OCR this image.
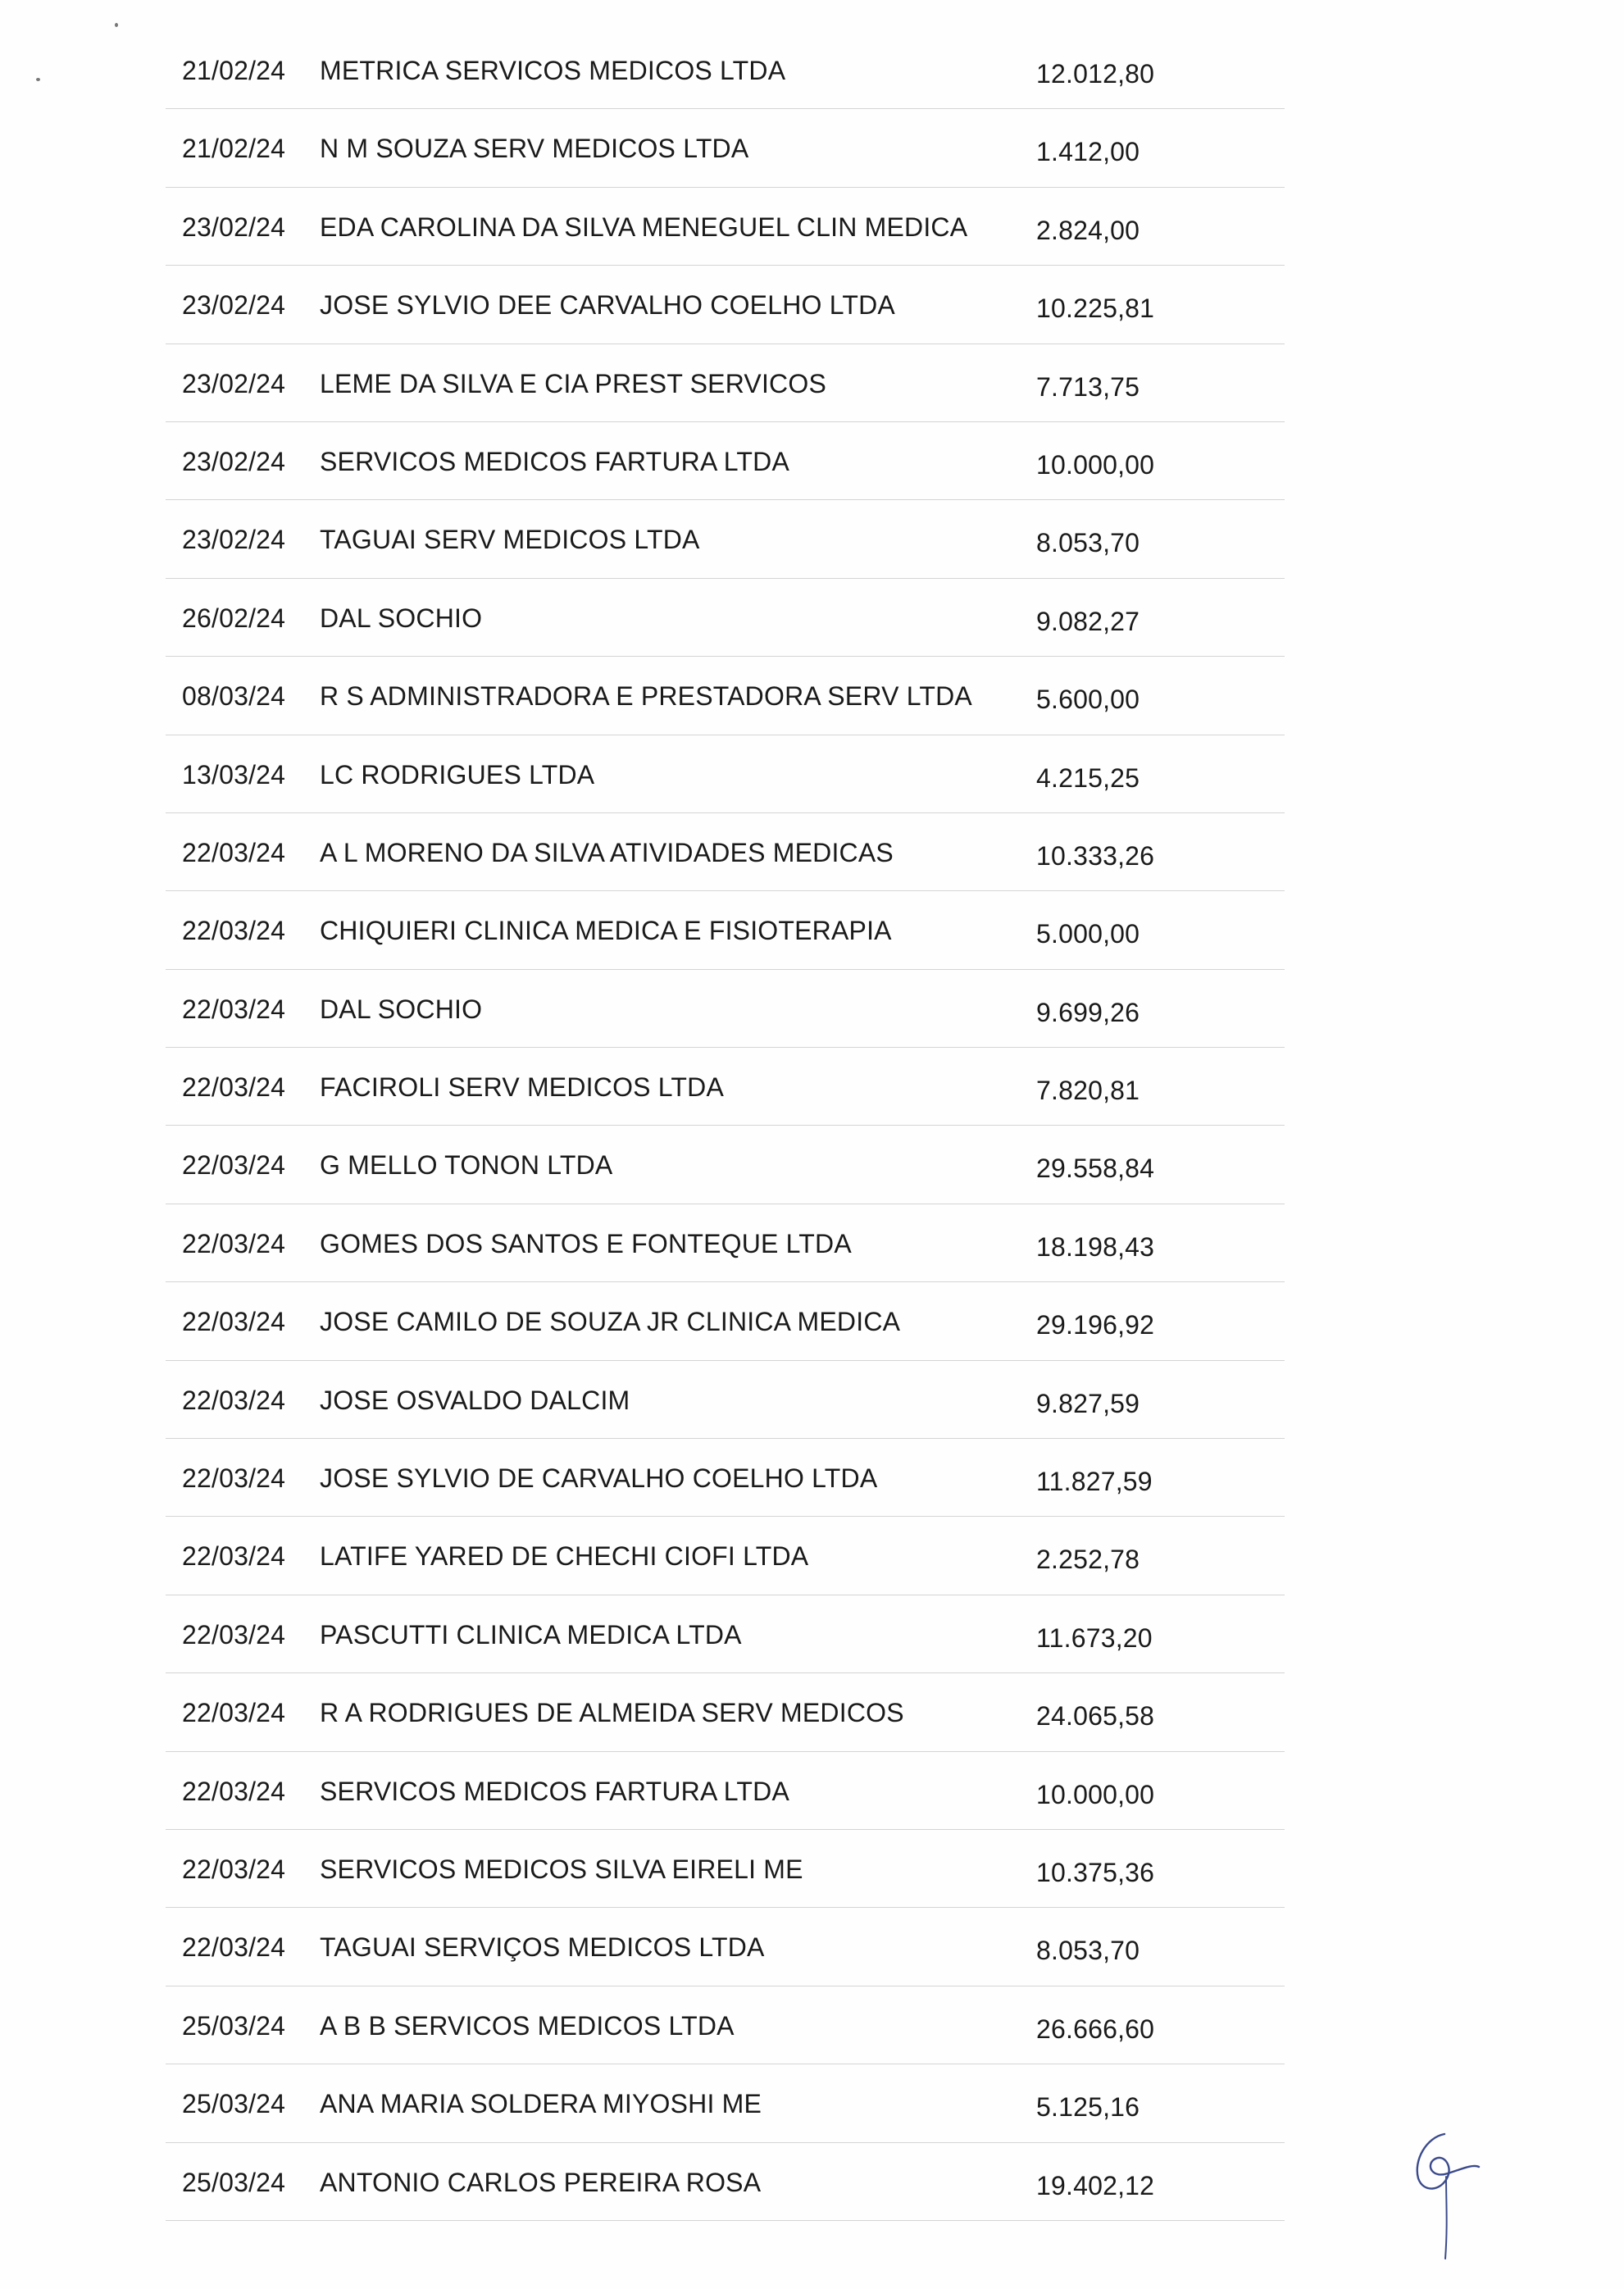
21/02/24 METRICA SERVICOS MEDICOS LTDA	12.012,80
21/02/24 N M SOUZA SERV MEDICOS LTDA	1.412,00
23/02/24 EDA CAROLINA DA SILVA MENEGUEL CLIN MEDICA	2.824,00
23/02/24 JOSE SYLVIO DEE CARVALHO COELHO LTDA	10.225,81
23/02/24 LEME DA SILVA E CIA PREST SERVICOS	7.713,75
23/02/24 SERVICOS MEDICOS FARTURA LTDA	10.000,00
23/02/24 TAGUAI SERV MEDICOS LTDA	8.053,70
26/02/24 DAL SOCHIO	9.082,27
08/03/24 R S ADMINISTRADORA E PRESTADORA SERV LTDA 5.600,00
13/03/24 LC RODRIGUES LTDA	4.215,25
22/03/24 A L MORENO DA SILVA ATIVIDADES MEDICAS	10.333,26
22/03/24 CHIQUIERI CLINICA MEDICA E FISIOTERAPIA	5.000,00
22/03/24 DAL SOCHIO	9.699,26
22/03/24 FACIROLI SERV MEDICOS LTDA	7.820,81
22/03/24 G MELLO TONON LTDA	29.558,84
22/03/24 GOMES DOS SANTOS E FONTEQUE LTDA	18.198,43
22/03/24 JOSE CAMILO DE SOUZA JR CLINICA MEDICA	29.196,92
22/03/24 JOSE OSVALDO DALCIM	9.827,59
22/03/24 JOSE SYLVIO DE CARVALHO COELHO LTDA	11.827,59
22/03/24 LATIFE YARED DE CHECHI CIOFI LTDA	2.252,78
22/03/24 PASCUTTI CLINICA MEDICA LTDA	11.673,20
22/03/24 R A RODRIGUES DE ALMEIDA SERV MEDICOS	24.065,58
22/03/24 SERVICOS MEDICOS FARTURA LTDA	10.000,00
22/03/24 SERVICOS MEDICOS SILVA EIRELI ME	10.375,36
22/03/24 TAGUAI SERVIÇOS MEDICOS LTDA	8.053,70
25/03/24 A B B SERVICOS MEDICOS LTDA	26.666,60
25/03/24 ANA MARIA SOLDERA MIYOSHI ME	5.125,16
25/03/24 ANTONIO CARLOS PEREIRA ROSA	19.402,12
